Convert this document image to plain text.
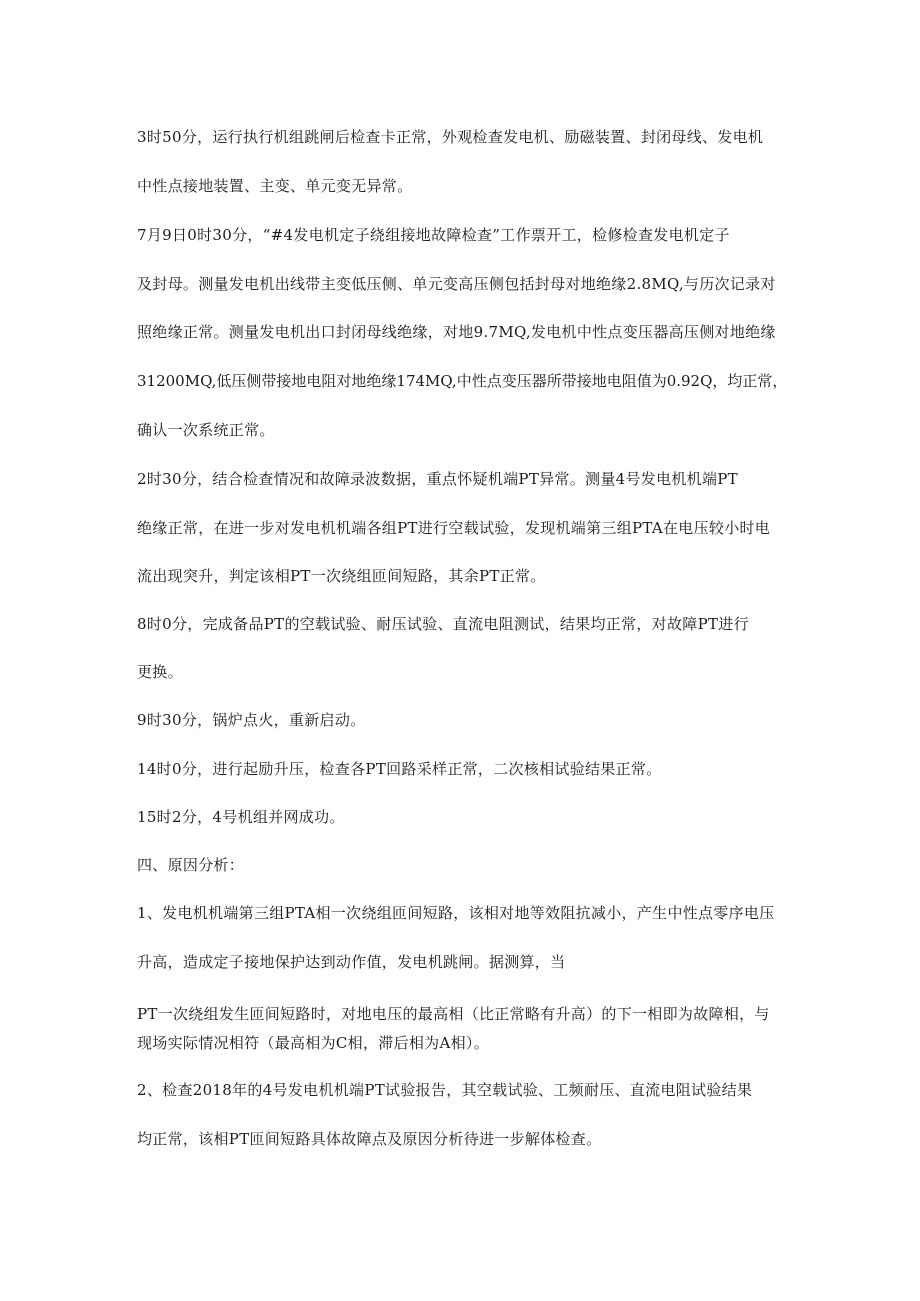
3时50分，运行执行机组跳闸后检查卡正常，外观检查发电机、励磁装置、封闭母线、发电机
中性点接地装置、主变、单元变无异常。
7月9日0时30分，“#4发电机定子绕组接地故障检查”工作票开工，检修检查发电机定子
及封母。测量发电机出线带主变低压侧、单元变高压侧包括封母对地绝缘2.8MQ,与历次记录对
照绝缘正常。测量发电机出口封闭母线绝缘，对地9.7MQ,发电机中性点变压器高压侧对地绝缘
31200MQ,低压侧带接地电阻对地绝缘174MQ,中性点变压器所带接地电阻值为0.92Q，均正常，
确认一次系统正常。
2时30分，结合检查情况和故障录波数据，重点怀疑机端PT异常。测量4号发电机机端PT
绝缘正常，在进一步对发电机机端各组PT进行空载试验，发现机端第三组PTA在电压较小时电
流出现突升，判定该相PT一次绕组匝间短路，其余PT正常。
8时0分，完成备品PT的空载试验、耐压试验、直流电阻测试，结果均正常，对故障PT进行
更换。
9时30分，锅炉点火，重新启动。
14时0分，进行起励升压，检查各PT回路采样正常，二次核相试验结果正常。
15时2分，4号机组并网成功。
四、原因分析：
1、发电机机端第三组PTA相一次绕组匝间短路，该相对地等效阻抗减小，产生中性点零序电压
升高，造成定子接地保护达到动作值，发电机跳闸。据测算，当
PT一次绕组发生匝间短路时，对地电压的最高相（比正常略有升高）的下一相即为故障相，与
现场实际情况相符（最高相为C相，滞后相为A相）。
2、检查2018年的4号发电机机端PT试验报告，其空载试验、工频耐压、直流电阻试验结果
均正常，该相PT匝间短路具体故障点及原因分析待进一步解体检查。
